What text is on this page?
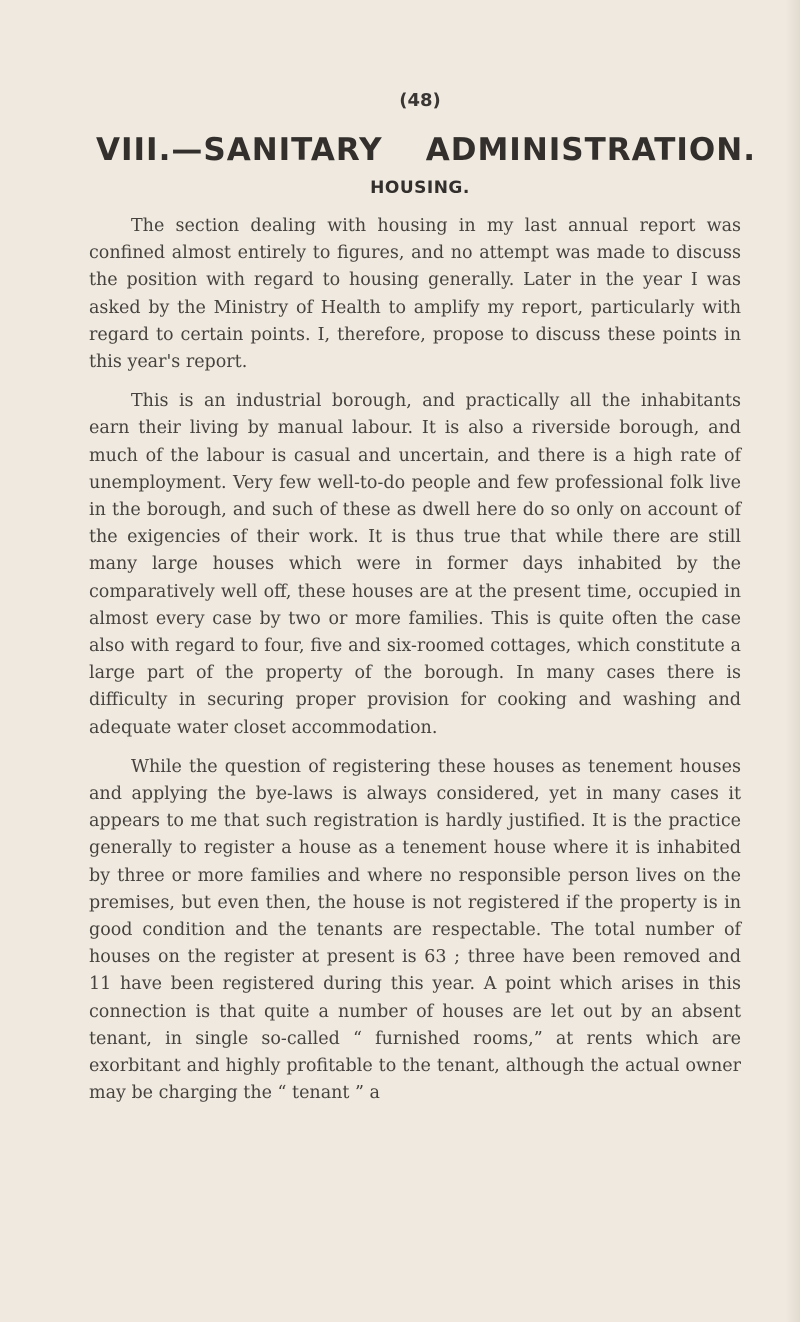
(48)
VIII.—SANITARY ADMINISTRATION.
HOUSING.

The section dealing with housing in my last annual report was confined almost entirely to figures, and no attempt was made to discuss the position with regard to housing generally. Later in the year I was asked by the Ministry of Health to amplify my report, particularly with regard to certain points. I, therefore, propose to discuss these points in this year's report.

This is an industrial borough, and practically all the inhabitants earn their living by manual labour. It is also a riverside borough, and much of the labour is casual and uncertain, and there is a high rate of unemployment. Very few well-to-do people and few professional folk live in the borough, and such of these as dwell here do so only on account of the exigencies of their work. It is thus true that while there are still many large houses which were in former days inhabited by the comparatively well off, these houses are at the present time, occupied in almost every case by two or more families. This is quite often the case also with regard to four, five and six-roomed cottages, which constitute a large part of the property of the borough. In many cases there is difficulty in securing proper provision for cooking and washing and adequate water closet accommodation.

While the question of registering these houses as tenement houses and applying the bye-laws is always considered, yet in many cases it appears to me that such registration is hardly justified. It is the practice generally to register a house as a tenement house where it is inhabited by three or more families and where no responsible person lives on the premises, but even then, the house is not registered if the property is in good condition and the tenants are respectable. The total number of houses on the register at present is 63 ; three have been removed and 11 have been registered during this year. A point which arises in this connection is that quite a number of houses are let out by an absent tenant, in single so-called “ furnished rooms,” at rents which are exorbitant and highly profitable to the tenant, although the actual owner may be charging the “ tenant ” a
